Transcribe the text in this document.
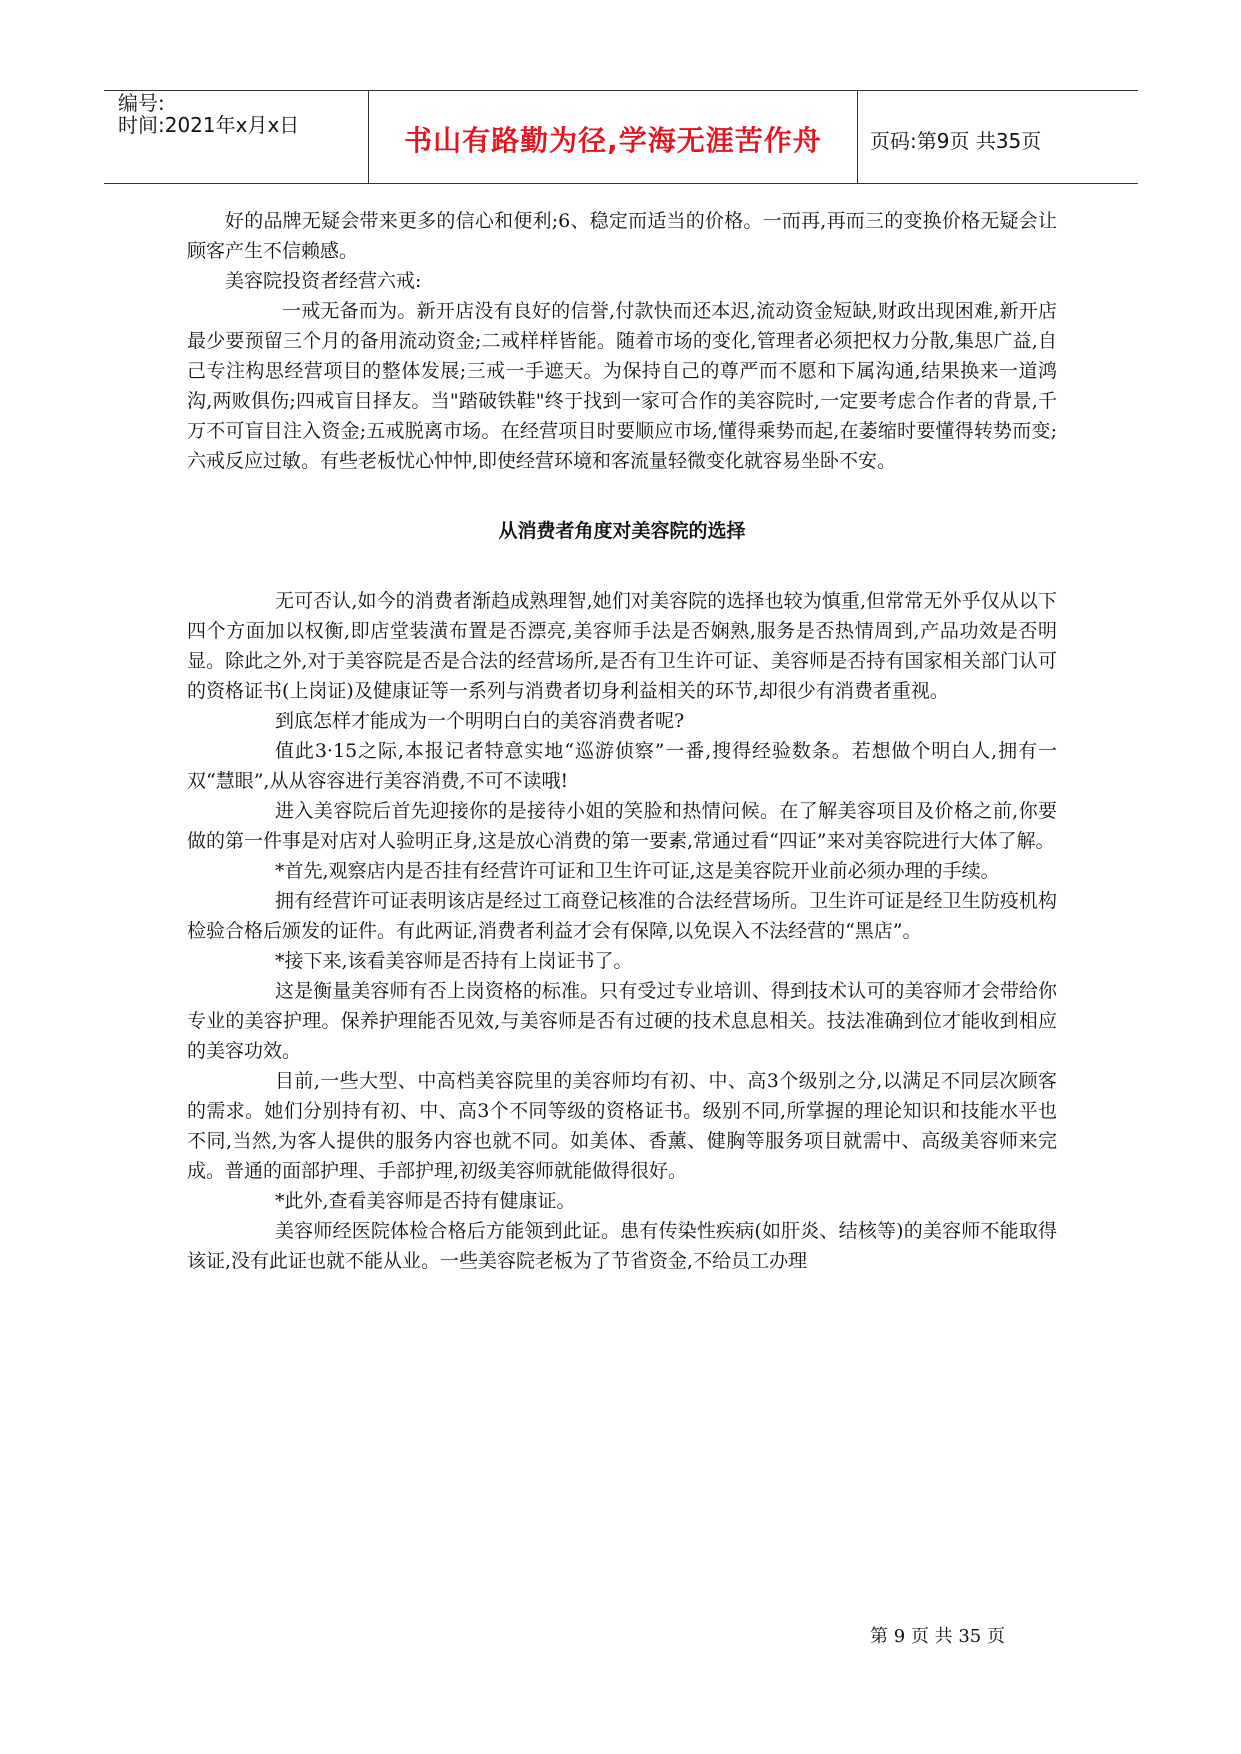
编号:
时间:2021年x月x日	书山有路勤为径,学海无涯苦作舟	页码:第9页 共35页

好的品牌无疑会带来更多的信心和便利;6、稳定而适当的价格。一而再,再而三的变换价格无疑会让顾客产生不信赖感。

美容院投资者经营六戒:

一戒无备而为。新开店没有良好的信誉,付款快而还本迟,流动资金短缺,财政出现困难,新开店最少要预留三个月的备用流动资金;二戒样样皆能。随着市场的变化,管理者必须把权力分散,集思广益,自己专注构思经营项目的整体发展;三戒一手遮天。为保持自己的尊严而不愿和下属沟通,结果换来一道鸿沟,两败俱伤;四戒盲目择友。当"踏破铁鞋"终于找到一家可合作的美容院时,一定要考虑合作者的背景,千万不可盲目注入资金;五戒脱离市场。在经营项目时要顺应市场,懂得乘势而起,在萎缩时要懂得转势而变;六戒反应过敏。有些老板忧心忡忡,即使经营环境和客流量轻微变化就容易坐卧不安。

从消费者角度对美容院的选择

无可否认,如今的消费者渐趋成熟理智,她们对美容院的选择也较为慎重,但常常无外乎仅从以下四个方面加以权衡,即店堂装潢布置是否漂亮,美容师手法是否娴熟,服务是否热情周到,产品功效是否明显。除此之外,对于美容院是否是合法的经营场所,是否有卫生许可证、美容师是否持有国家相关部门认可的资格证书(上岗证)及健康证等一系列与消费者切身利益相关的环节,却很少有消费者重视。

到底怎样才能成为一个明明白白的美容消费者呢?

值此3·15之际,本报记者特意实地“巡游侦察”一番,搜得经验数条。若想做个明白人,拥有一双“慧眼”,从从容容进行美容消费,不可不读哦!

进入美容院后首先迎接你的是接待小姐的笑脸和热情问候。在了解美容项目及价格之前,你要做的第一件事是对店对人验明正身,这是放心消费的第一要素,常通过看“四证”来对美容院进行大体了解。

*首先,观察店内是否挂有经营许可证和卫生许可证,这是美容院开业前必须办理的手续。

拥有经营许可证表明该店是经过工商登记核准的合法经营场所。卫生许可证是经卫生防疫机构检验合格后颁发的证件。有此两证,消费者利益才会有保障,以免误入不法经营的“黑店”。

*接下来,该看美容师是否持有上岗证书了。

这是衡量美容师有否上岗资格的标准。只有受过专业培训、得到技术认可的美容师才会带给你专业的美容护理。保养护理能否见效,与美容师是否有过硬的技术息息相关。技法准确到位才能收到相应的美容功效。

目前,一些大型、中高档美容院里的美容师均有初、中、高3个级别之分,以满足不同层次顾客的需求。她们分别持有初、中、高3个不同等级的资格证书。级别不同,所掌握的理论知识和技能水平也不同,当然,为客人提供的服务内容也就不同。如美体、香薰、健胸等服务项目就需中、高级美容师来完成。普通的面部护理、手部护理,初级美容师就能做得很好。

*此外,查看美容师是否持有健康证。

美容师经医院体检合格后方能领到此证。患有传染性疾病(如肝炎、结核等)的美容师不能取得该证,没有此证也就不能从业。一些美容院老板为了节省资金,不给员工办理

第 9 页 共 35 页
